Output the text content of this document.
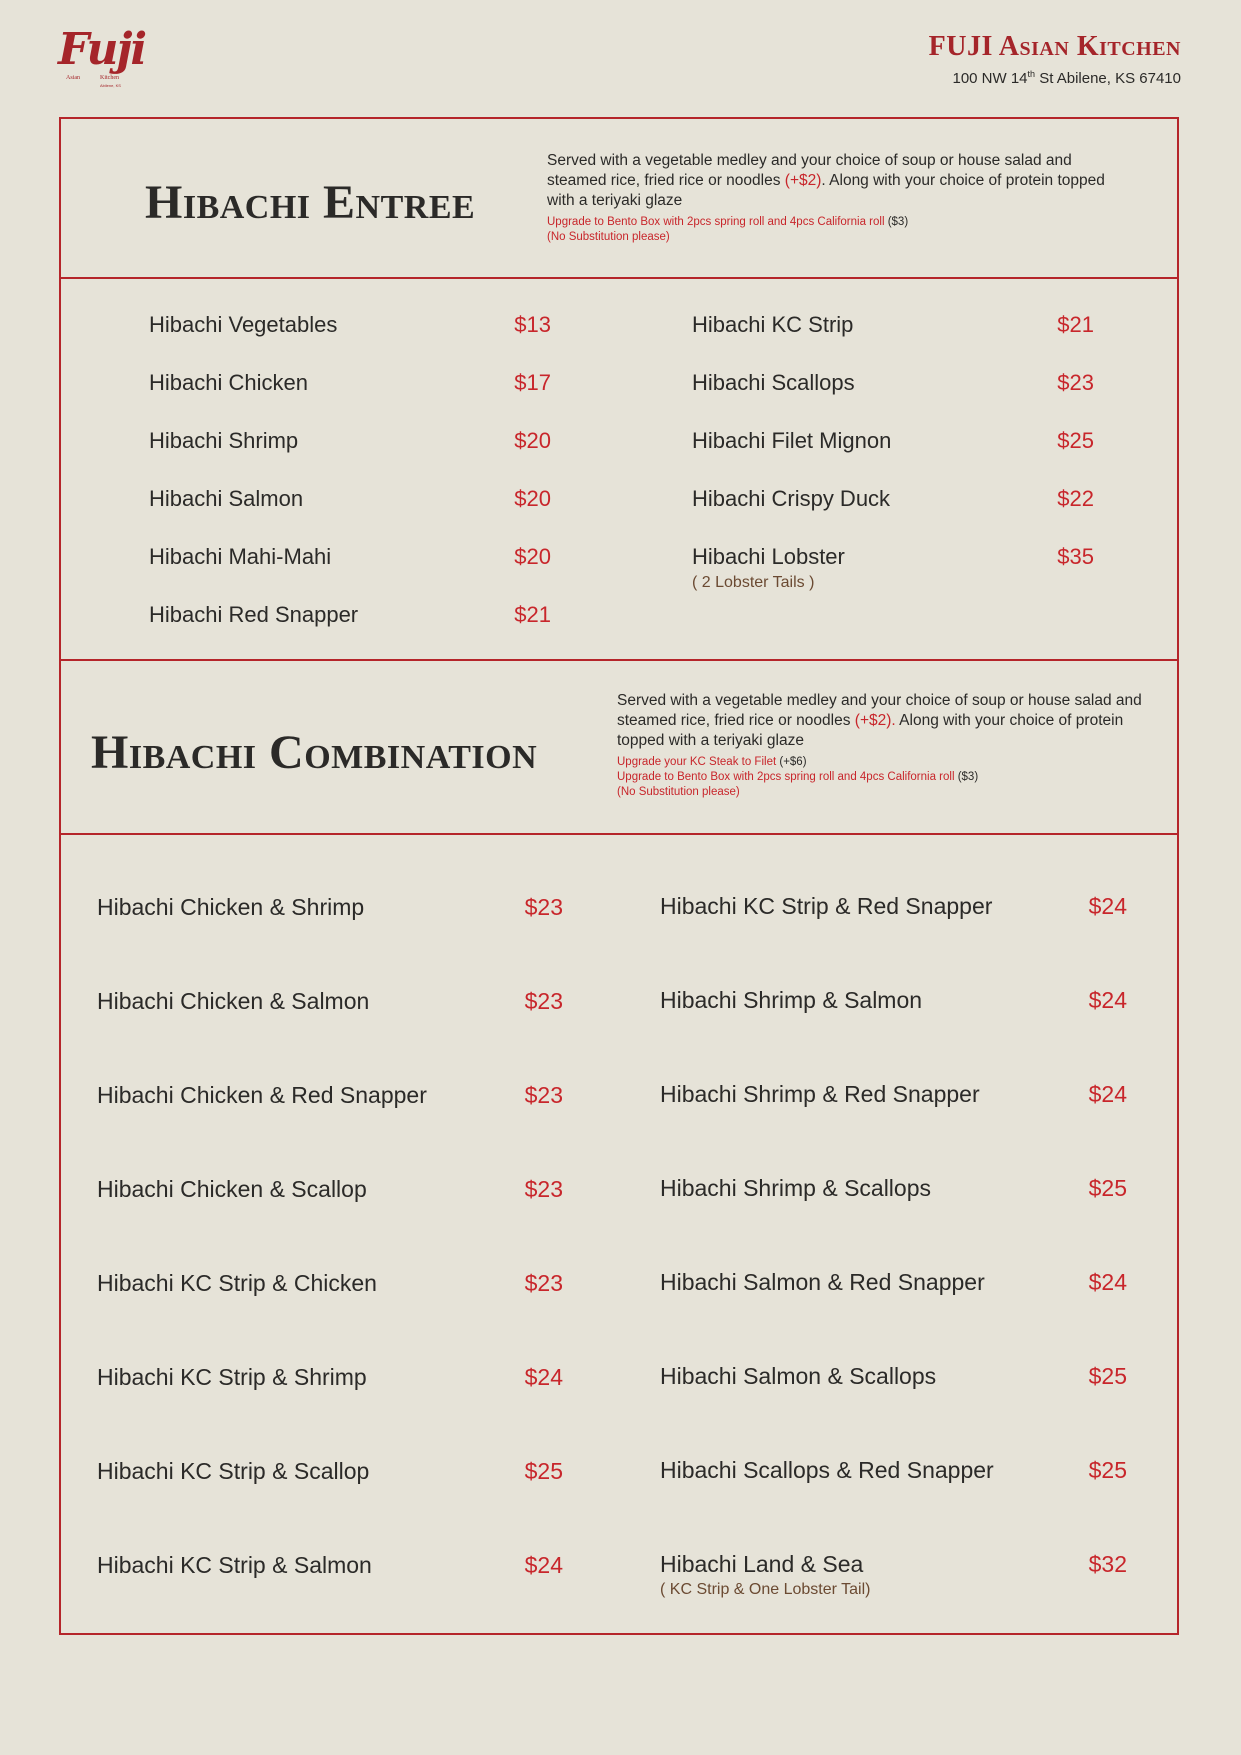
Fuji
Asian	Kitchen
Abilene, KS
FUJI Asian Kitchen
100 NW 14th St Abilene, KS 67410
Hibachi Entree
Served with a vegetable medley and your choice of soup or house salad and steamed rice, fried rice or noodles (+$2). Along with your choice of protein topped with a teriyaki glaze
Upgrade to Bento Box with 2pcs spring roll and 4pcs California roll ($3)
(No Substitution please)
Hibachi Vegetables	$13
Hibachi Chicken	$17
Hibachi Shrimp	$20
Hibachi Salmon	$20
Hibachi Mahi-Mahi	$20
Hibachi Red Snapper	$21
Hibachi KC Strip	$21
Hibachi Scallops	$23
Hibachi Filet Mignon	$25
Hibachi Crispy Duck	$22
Hibachi Lobster	$35
( 2 Lobster Tails )
Hibachi Combination
Served with a vegetable medley and your choice of soup or house salad and steamed rice, fried rice or noodles (+$2). Along with your choice of protein topped with a teriyaki glaze
Upgrade your KC Steak to Filet (+$6)
Upgrade to Bento Box with 2pcs spring roll and 4pcs California roll ($3)
(No Substitution please)
Hibachi Chicken & Shrimp	$23
Hibachi Chicken & Salmon	$23
Hibachi Chicken & Red Snapper	$23
Hibachi Chicken & Scallop	$23
Hibachi KC Strip & Chicken	$23
Hibachi KC Strip & Shrimp	$24
Hibachi KC Strip & Scallop	$25
Hibachi KC Strip & Salmon	$24
Hibachi KC Strip & Red Snapper	$24
Hibachi Shrimp & Salmon	$24
Hibachi Shrimp & Red Snapper	$24
Hibachi Shrimp & Scallops	$25
Hibachi Salmon & Red Snapper	$24
Hibachi Salmon & Scallops	$25
Hibachi Scallops & Red Snapper	$25
Hibachi Land & Sea	$32
( KC Strip & One Lobster Tail)
